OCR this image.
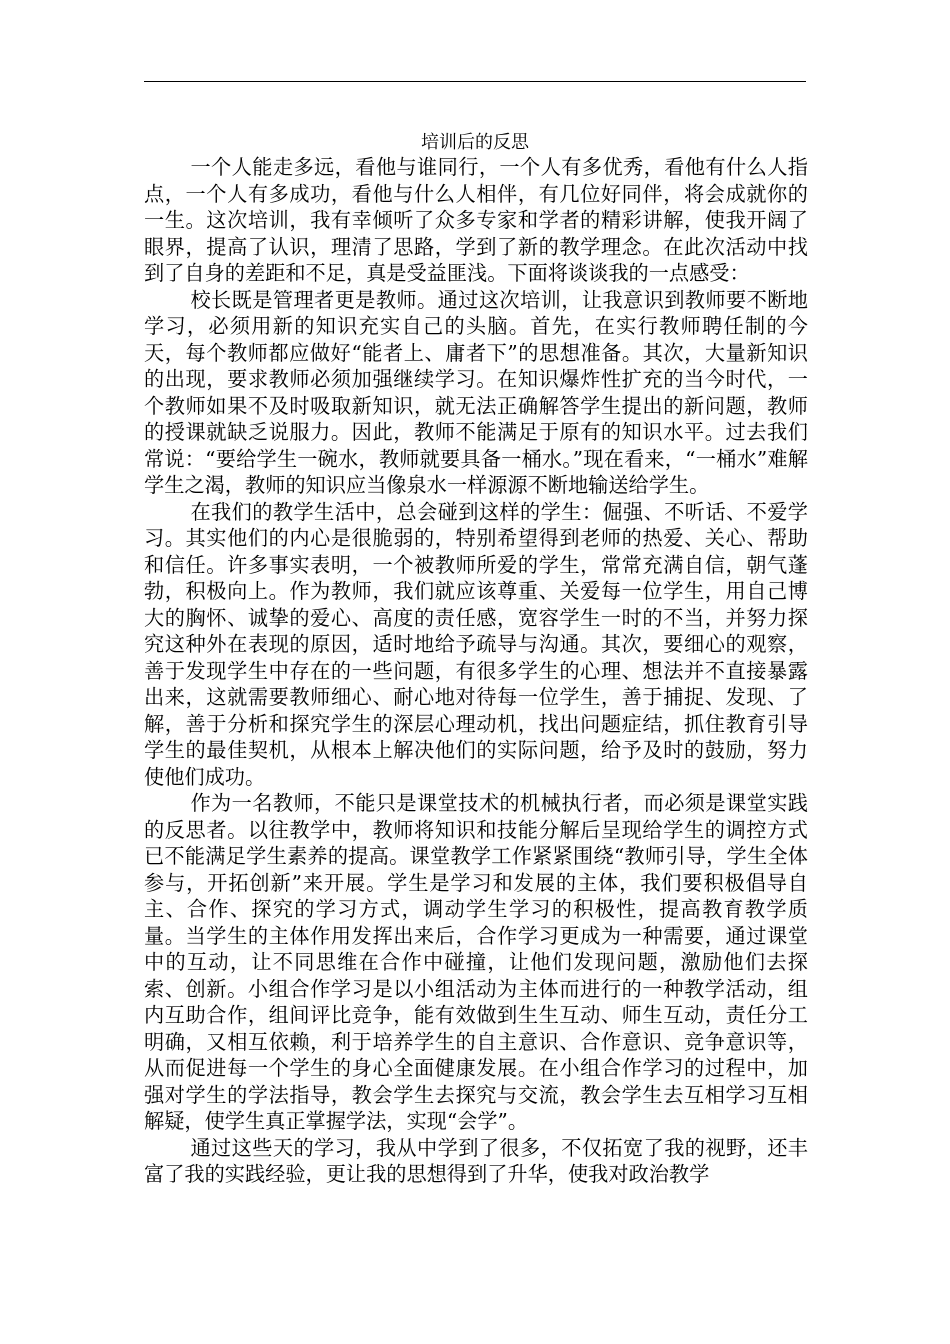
培训后的反思

一个人能走多远，看他与谁同行，一个人有多优秀，看他有什么人指点，一个人有多成功，看他与什么人相伴，有几位好同伴，将会成就你的一生。这次培训，我有幸倾听了众多专家和学者的精彩讲解，使我开阔了眼界，提高了认识，理清了思路，学到了新的教学理念。在此次活动中找到了自身的差距和不足，真是受益匪浅。下面将谈谈我的一点感受：

校长既是管理者更是教师。通过这次培训，让我意识到教师要不断地学习，必须用新的知识充实自己的头脑。首先，在实行教师聘任制的今天，每个教师都应做好“能者上、庸者下”的思想准备。其次，大量新知识的出现，要求教师必须加强继续学习。在知识爆炸性扩充的当今时代，一个教师如果不及时吸取新知识，就无法正确解答学生提出的新问题，教师的授课就缺乏说服力。因此，教师不能满足于原有的知识水平。过去我们常说：“要给学生一碗水，教师就要具备一桶水。”现在看来，“一桶水”难解学生之渴，教师的知识应当像泉水一样源源不断地输送给学生。

在我们的教学生活中，总会碰到这样的学生：倔强、不听话、不爱学习。其实他们的内心是很脆弱的，特别希望得到老师的热爱、关心、帮助和信任。许多事实表明，一个被教师所爱的学生，常常充满自信，朝气蓬勃，积极向上。作为教师，我们就应该尊重、关爱每一位学生，用自己博大的胸怀、诚挚的爱心、高度的责任感，宽容学生一时的不当，并努力探究这种外在表现的原因，适时地给予疏导与沟通。其次，要细心的观察，善于发现学生中存在的一些问题，有很多学生的心理、想法并不直接暴露出来，这就需要教师细心、耐心地对待每一位学生，善于捕捉、发现、了解，善于分析和探究学生的深层心理动机，找出问题症结，抓住教育引导学生的最佳契机，从根本上解决他们的实际问题，给予及时的鼓励，努力使他们成功。

作为一名教师，不能只是课堂技术的机械执行者，而必须是课堂实践的反思者。以往教学中，教师将知识和技能分解后呈现给学生的调控方式已不能满足学生素养的提高。课堂教学工作紧紧围绕“教师引导，学生全体参与，开拓创新”来开展。学生是学习和发展的主体，我们要积极倡导自主、合作、探究的学习方式，调动学生学习的积极性，提高教育教学质量。当学生的主体作用发挥出来后，合作学习更成为一种需要，通过课堂中的互动，让不同思维在合作中碰撞，让他们发现问题，激励他们去探索、创新。小组合作学习是以小组活动为主体而进行的一种教学活动，组内互助合作，组间评比竞争，能有效做到生生互动、师生互动，责任分工明确，又相互依赖，利于培养学生的自主意识、合作意识、竞争意识等，从而促进每一个学生的身心全面健康发展。在小组合作学习的过程中，加强对学生的学法指导，教会学生去探究与交流，教会学生去互相学习互相解疑，使学生真正掌握学法，实现“会学”。

通过这些天的学习，我从中学到了很多，不仅拓宽了我的视野，还丰富了我的实践经验，更让我的思想得到了升华，使我对政治教学
